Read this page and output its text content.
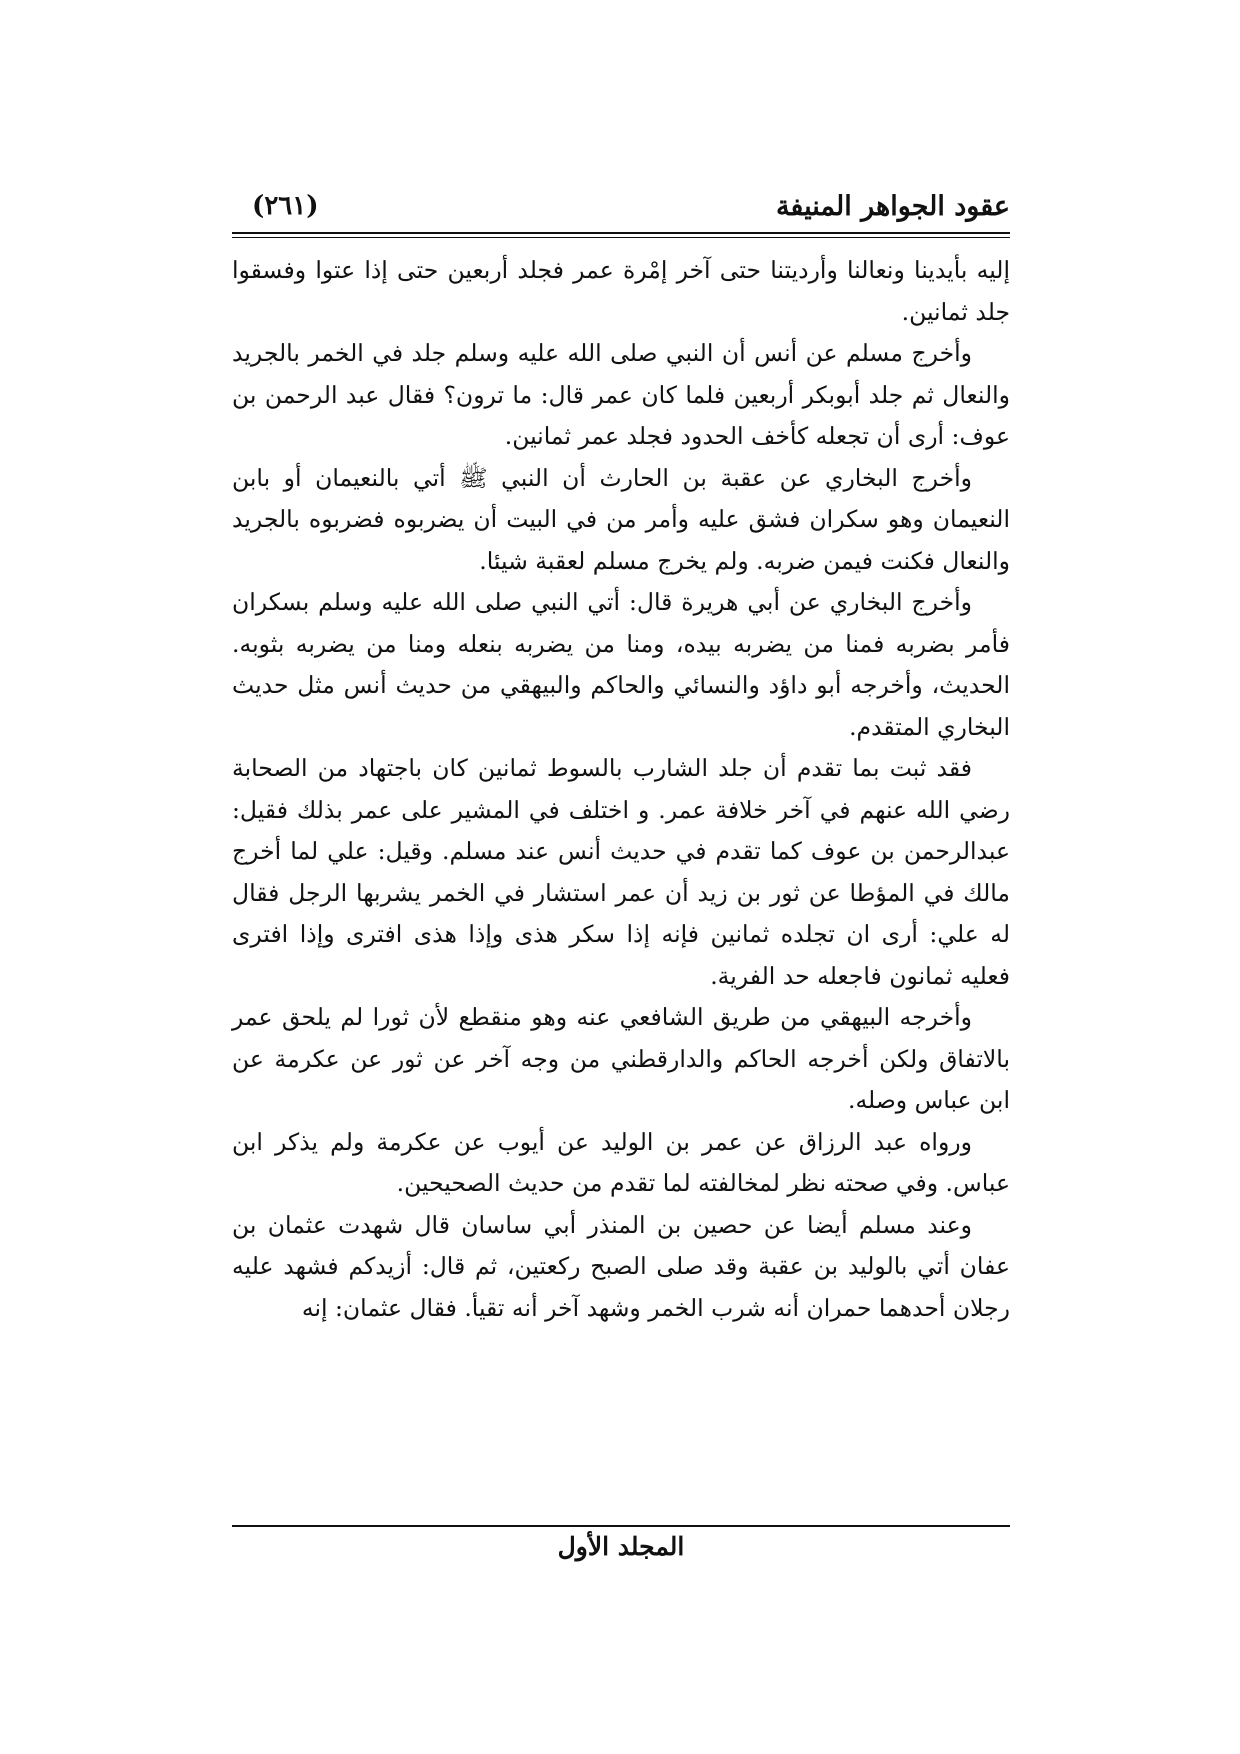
عقود الجواهر المنيفة
(٢٦١)

إليه بأيدينا ونعالنا وأرديتنا حتى آخر إمْرة عمر فجلد أربعين حتى إذا عتوا وفسقوا جلد ثمانين.

وأخرج مسلم عن أنس أن النبي صلى الله عليه وسلم جلد في الخمر بالجريد والنعال ثم جلد أبوبكر أربعين فلما كان عمر قال: ما ترون؟ فقال عبد الرحمن بن عوف: أرى أن تجعله كأخف الحدود فجلد عمر ثمانين.

وأخرج البخاري عن عقبة بن الحارث أن النبي ﷺ أتي بالنعيمان أو بابن النعيمان وهو سكران فشق عليه وأمر من في البيت أن يضربوه فضربوه بالجريد والنعال فكنت فيمن ضربه. ولم يخرج مسلم لعقبة شيئا.

وأخرج البخاري عن أبي هريرة قال: أتي النبي صلى الله عليه وسلم بسكران فأمر بضربه فمنا من يضربه بيده، ومنا من يضربه بنعله ومنا من يضربه بثوبه. الحديث، وأخرجه أبو داؤد والنسائي والحاكم والبيهقي من حديث أنس مثل حديث البخاري المتقدم.

فقد ثبت بما تقدم أن جلد الشارب بالسوط ثمانين كان باجتهاد من الصحابة رضي الله عنهم في آخر خلافة عمر. و اختلف في المشير على عمر بذلك فقيل: عبدالرحمن بن عوف كما تقدم في حديث أنس عند مسلم. وقيل: علي لما أخرج مالك في المؤطا عن ثور بن زيد أن عمر استشار في الخمر يشربها الرجل فقال له علي: أرى ان تجلده ثمانين فإنه إذا سكر هذى وإذا هذى افترى وإذا افترى فعليه ثمانون فاجعله حد الفرية.

وأخرجه البيهقي من طريق الشافعي عنه وهو منقطع لأن ثورا لم يلحق عمر بالاتفاق ولكن أخرجه الحاكم والدارقطني من وجه آخر عن ثور عن عكرمة عن ابن عباس وصله.

ورواه عبد الرزاق عن عمر بن الوليد عن أيوب عن عكرمة ولم يذكر ابن عباس. وفي صحته نظر لمخالفته لما تقدم من حديث الصحيحين.

وعند مسلم أيضا عن حصين بن المنذر أبي ساسان قال شهدت عثمان بن عفان أتي بالوليد بن عقبة وقد صلى الصبح ركعتين، ثم قال: أزيدكم فشهد عليه رجلان أحدهما حمران أنه شرب الخمر وشهد آخر أنه تقيأ. فقال عثمان: إنه

المجلد الأول
